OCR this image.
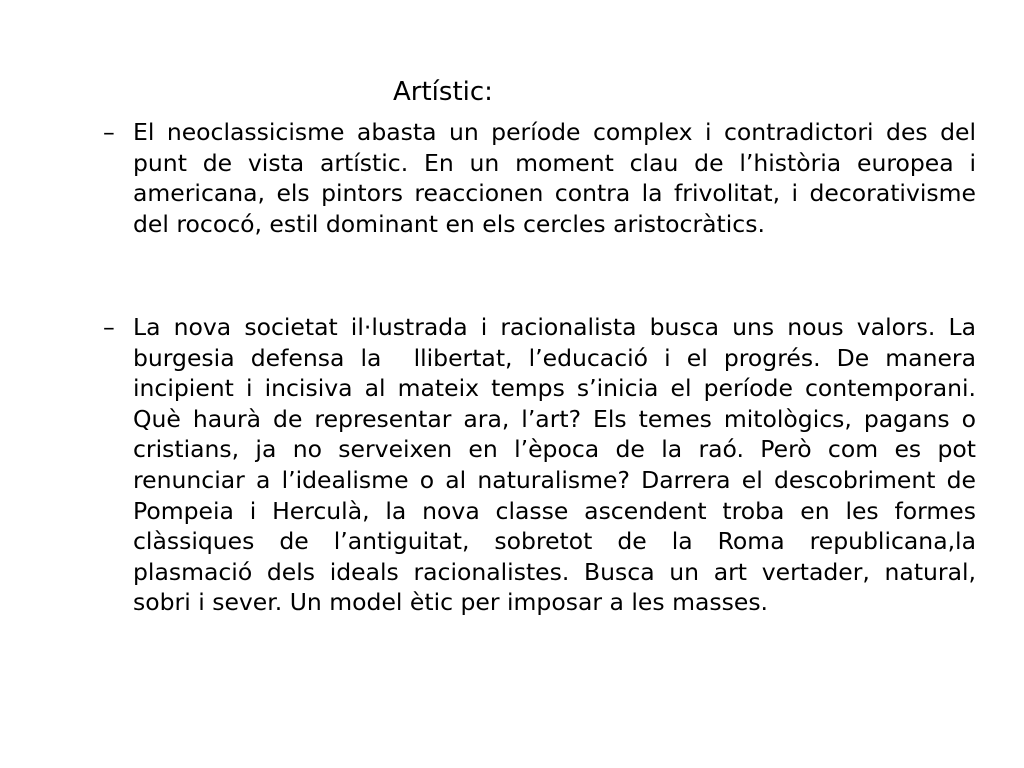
Artístic:
– El neoclassicisme abasta un període complex i contradictori des del punt de vista artístic. En un moment clau de l’història europea i americana, els pintors reaccionen contra la frivolitat, i decorativisme del rococó, estil dominant en els cercles aristocràtics.
– La nova societat il·lustrada i racionalista busca uns nous valors. La burgesia defensa la  llibertat, l’educació i el progrés. De manera incipient i incisiva al mateix temps s’inicia el període contemporani. Què haurà de representar ara, l’art? Els temes mitològics, pagans o cristians, ja no serveixen en l’època de la raó. Però com es pot renunciar a l’idealisme o al naturalisme? Darrera el descobriment de Pompeia i Herculà, la nova classe ascendent troba en les formes clàssiques de l’antiguitat, sobretot de la Roma republicana,la plasmació dels ideals racionalistes. Busca un art vertader, natural, sobri i sever. Un model ètic per imposar a les masses.
